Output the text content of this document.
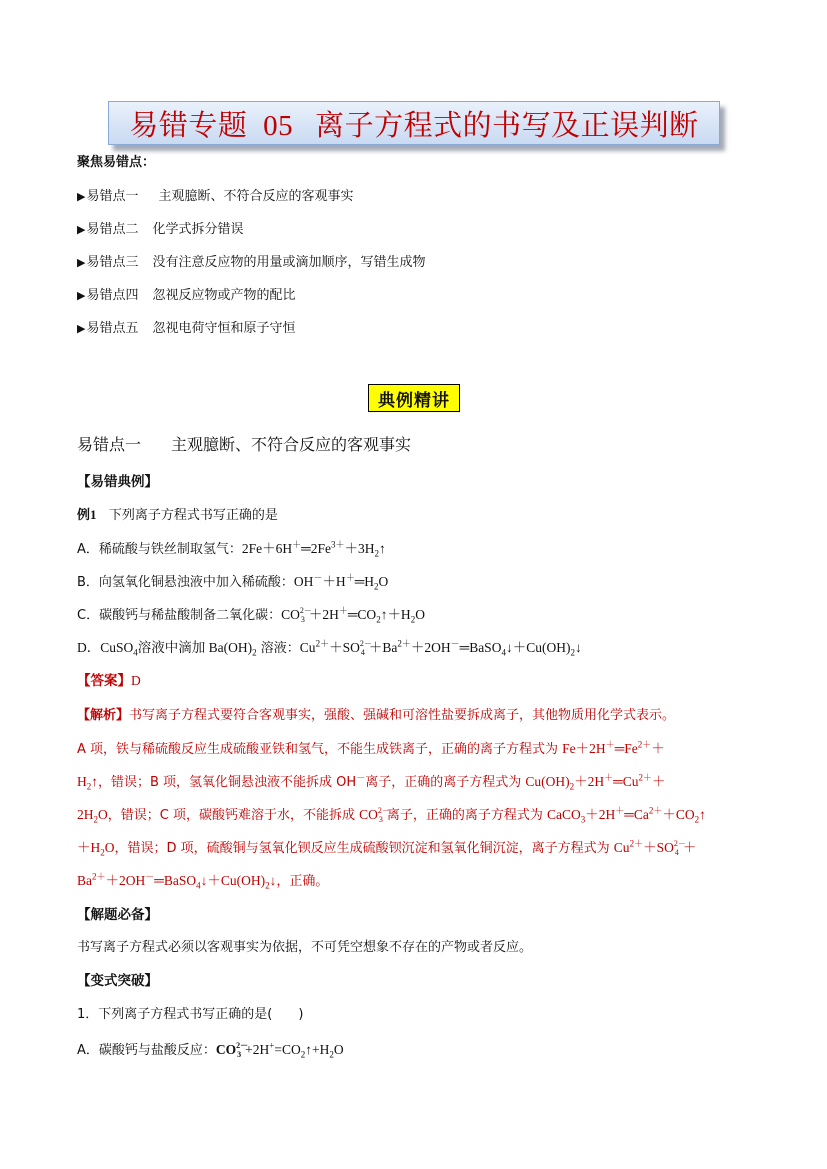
易错专题 05 离子方程式的书写及正误判断
聚焦易错点：
▶易错点一 主观臆断、不符合反应的客观事实
▶易错点二 化学式拆分错误
▶易错点三 没有注意反应物的用量或滴加顺序，写错生成物
▶易错点四 忽视反应物或产物的配比
▶易错点五 忽视电荷守恒和原子守恒
典例精讲
易错点一 主观臆断、不符合反应的客观事实
【易错典例】
例1 下列离子方程式书写正确的是
A．稀硫酸与铁丝制取氢气：$2Fe+6H^+═2Fe^{3+}+3H_2↑$
B．向氢氧化铜悬浊液中加入稀硫酸：$OH^-+H^+═H_2O$
C．碳酸钙与稀盐酸制备二氧化碳：CO 2－
$3 +2H^+═CO_2↑+H_2O$
D．CuSO$_4$溶液中滴加 $Ba(OH)_2$ 溶液：$Cu^{2+}+SO$ 2－
$4 +Ba^{2+}+2OH^-═BaSO_4↓+Cu(OH)_2↓$
【答案】D
【解析】书写离子方程式要符合客观事实，强酸、强碱和可溶性盐要拆成离子，其他物质用化学式表示。
A 项，铁与稀硫酸反应生成硫酸亚铁和氢气，不能生成铁离子，正确的离子方程式为 $Fe+2H^+═Fe^{2+}+$
$H_2↑$，错误；B 项，氢氧化铜悬浊液不能拆成 OH－离子，正确的离子方程式为 $Cu(OH)_2+2H^+═Cu^{2+}+$
$2H_2O$，错误；C 项，碳酸钙难溶于水，不能拆成 CO 2－
3 离子，正确的离子方程式为 $CaCO_3+2H^+═Ca^{2+}+CO_2↑$
$+H_2O$，错误；D 项，硫酸铜与氢氧化钡反应生成硫酸钡沉淀和氢氧化铜沉淀，离子方程式为 $Cu^{2+}+SO$ 2－
4 ＋
$Ba^{2+}+2OH^-═BaSO_4↓+Cu(OH)_2↓$，正确。
【解题必备】
书写离子方程式必须以客观事实为依据，不可凭空想象不存在的产物或者反应。
【变式突破】
1．下列离子方程式书写正确的是(　　)
A．碳酸钙与盐酸反应：CO 2－
$3 +2H^+=CO_2↑+H_2O$
